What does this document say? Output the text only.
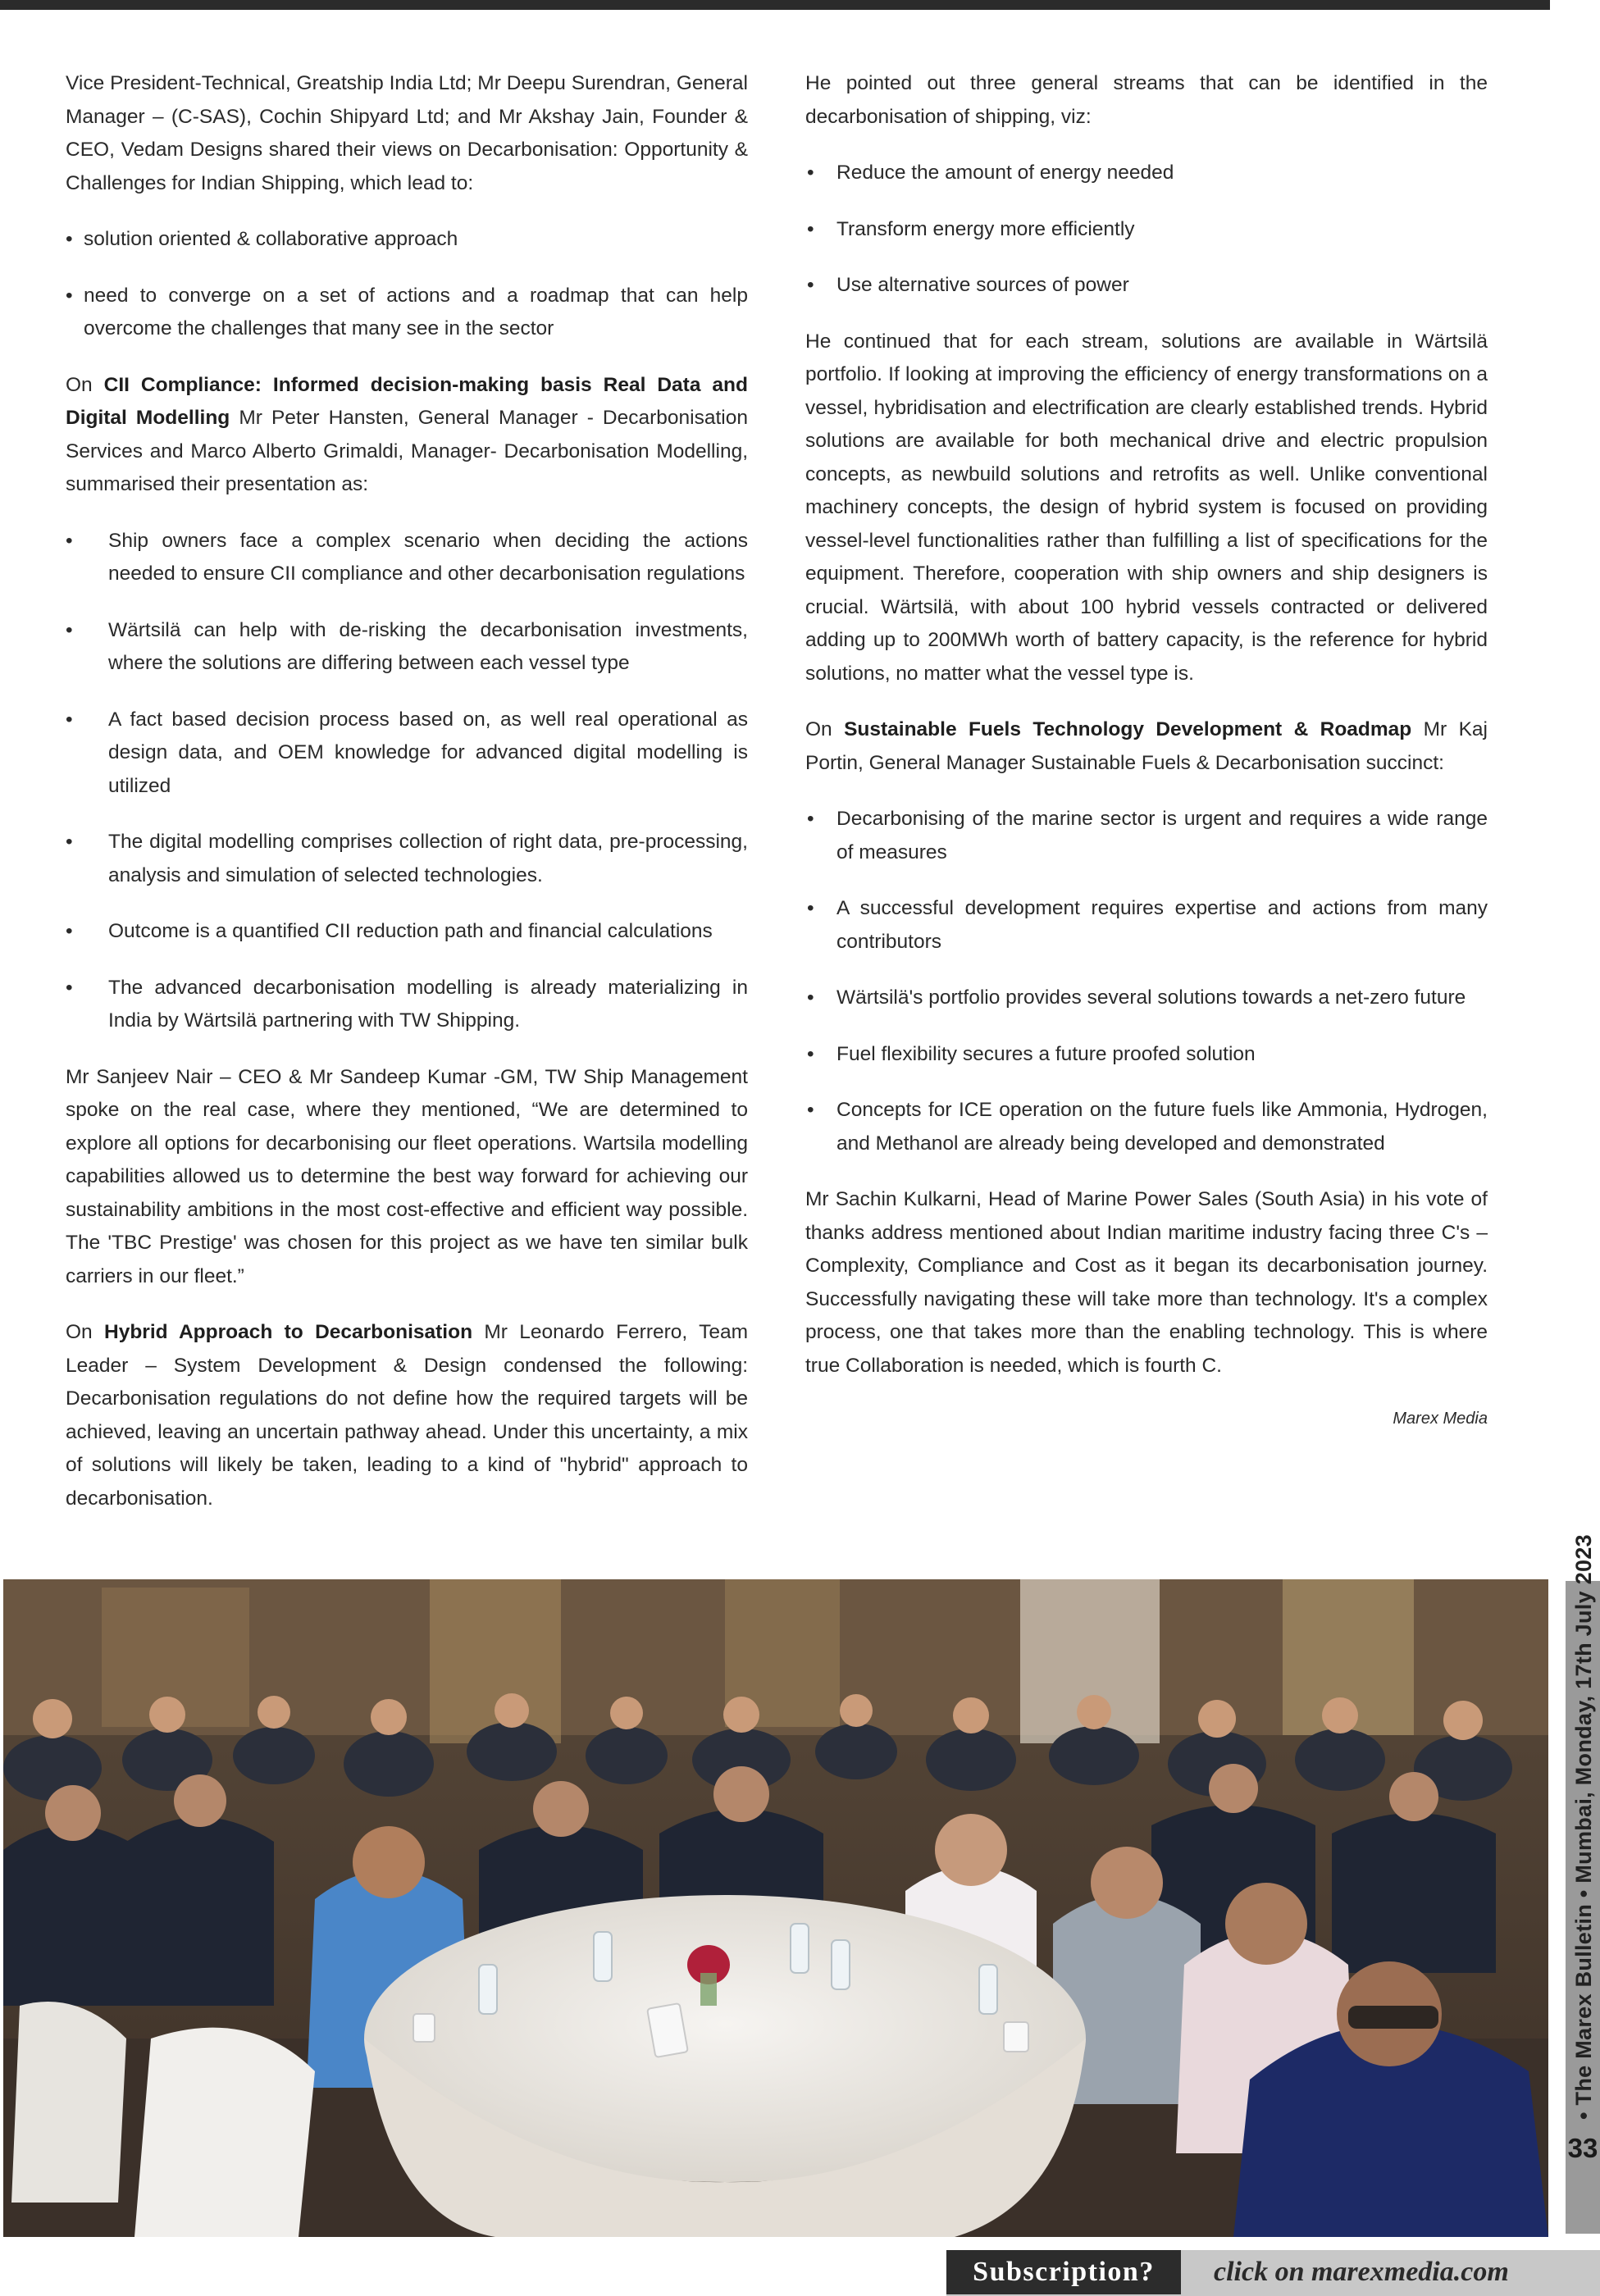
Vice President-Technical, Greatship India Ltd; Mr Deepu Surendran, General Manager – (C-SAS), Cochin Shipyard Ltd; and Mr Akshay Jain, Founder & CEO, Vedam Designs shared their views on Decarbonisation: Opportunity & Challenges for Indian Shipping, which lead to:

• solution oriented & collaborative approach
• need to converge on a set of actions and a roadmap that can help overcome the challenges that many see in the sector

On CII Compliance: Informed decision-making basis Real Data and Digital Modelling Mr Peter Hansten, General Manager - Decarbonisation Services and Marco Alberto Grimaldi, Manager- Decarbonisation Modelling, summarised their presentation as:

• Ship owners face a complex scenario when deciding the actions needed to ensure CII compliance and other decarbonisation regulations
• Wärtsilä can help with de-risking the decarbonisation investments, where the solutions are differing between each vessel type
• A fact based decision process based on, as well real operational as design data, and OEM knowledge for advanced digital modelling is utilized
• The digital modelling comprises collection of right data, pre-processing, analysis and simulation of selected technologies.
• Outcome is a quantified CII reduction path and financial calculations
• The advanced decarbonisation modelling is already materializing in India by Wärtsilä partnering with TW Shipping.

Mr Sanjeev Nair – CEO & Mr Sandeep Kumar -GM, TW Ship Management spoke on the real case, where they mentioned, “We are determined to explore all options for decarbonising our fleet operations. Wartsila modelling capabilities allowed us to determine the best way forward for achieving our sustainability ambitions in the most cost-effective and efficient way possible. The 'TBC Prestige' was chosen for this project as we have ten similar bulk carriers in our fleet.”

On Hybrid Approach to Decarbonisation Mr Leonardo Ferrero, Team Leader – System Development & Design condensed the following: Decarbonisation regulations do not define how the required targets will be achieved, leaving an uncertain pathway ahead. Under this uncertainty, a mix of solutions will likely be taken, leading to a kind of "hybrid" approach to decarbonisation.

He pointed out three general streams that can be identified in the decarbonisation of shipping, viz:

• Reduce the amount of energy needed
• Transform energy more efficiently
• Use alternative sources of power

He continued that for each stream, solutions are available in Wärtsilä portfolio. If looking at improving the efficiency of energy transformations on a vessel, hybridisation and electrification are clearly established trends. Hybrid solutions are available for both mechanical drive and electric propulsion concepts, as newbuild solutions and retrofits as well. Unlike conventional machinery concepts, the design of hybrid system is focused on providing vessel-level functionalities rather than fulfilling a list of specifications for the equipment. Therefore, cooperation with ship owners and ship designers is crucial. Wärtsilä, with about 100 hybrid vessels contracted or delivered adding up to 200MWh worth of battery capacity, is the reference for hybrid solutions, no matter what the vessel type is.

On Sustainable Fuels Technology Development & Roadmap Mr Kaj Portin, General Manager Sustainable Fuels & Decarbonisation succinct:

• Decarbonising of the marine sector is urgent and requires a wide range of measures
• A successful development requires expertise and actions from many contributors
• Wärtsilä's portfolio provides several solutions towards a net-zero future
• Fuel flexibility secures a future proofed solution
• Concepts for ICE operation on the future fuels like Ammonia, Hydrogen, and Methanol are already being developed and demonstrated

Mr Sachin Kulkarni, Head of Marine Power Sales (South Asia) in his vote of thanks address mentioned about Indian maritime industry facing three C's – Complexity, Compliance and Cost as it began its decarbonisation journey. Successfully navigating these will take more than technology. It's a complex process, one that takes more than the enabling technology. This is where true Collaboration is needed, which is fourth C.

Marex Media
• The Marex Bulletin • Mumbai, Monday, 17th July 2023
33
Subscription?	click on marexmedia.com
